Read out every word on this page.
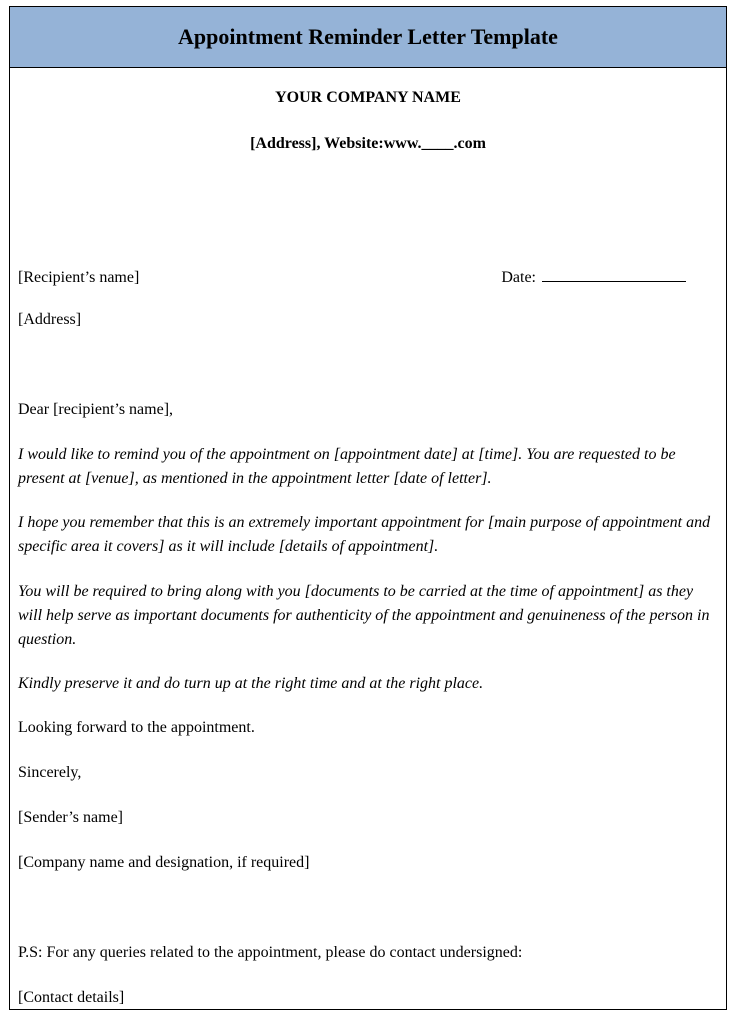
Appointment Reminder Letter Template
YOUR COMPANY NAME
[Address], Website:www.____.com
[Recipient’s name]	Date:

[Address]

Dear [recipient’s name],

I would like to remind you of the appointment on [appointment date] at [time]. You are requested to be present at [venue], as mentioned in the appointment letter [date of letter].

I hope you remember that this is an extremely important appointment for [main purpose of appointment and specific area it covers] as it will include [details of appointment].

You will be required to bring along with you [documents to be carried at the time of appointment] as they will help serve as important documents for authenticity of the appointment and genuineness of the person in question.

Kindly preserve it and do turn up at the right time and at the right place.

Looking forward to the appointment.

Sincerely,

[Sender’s name]

[Company name and designation, if required]

P.S: For any queries related to the appointment, please do contact undersigned:

[Contact details]
